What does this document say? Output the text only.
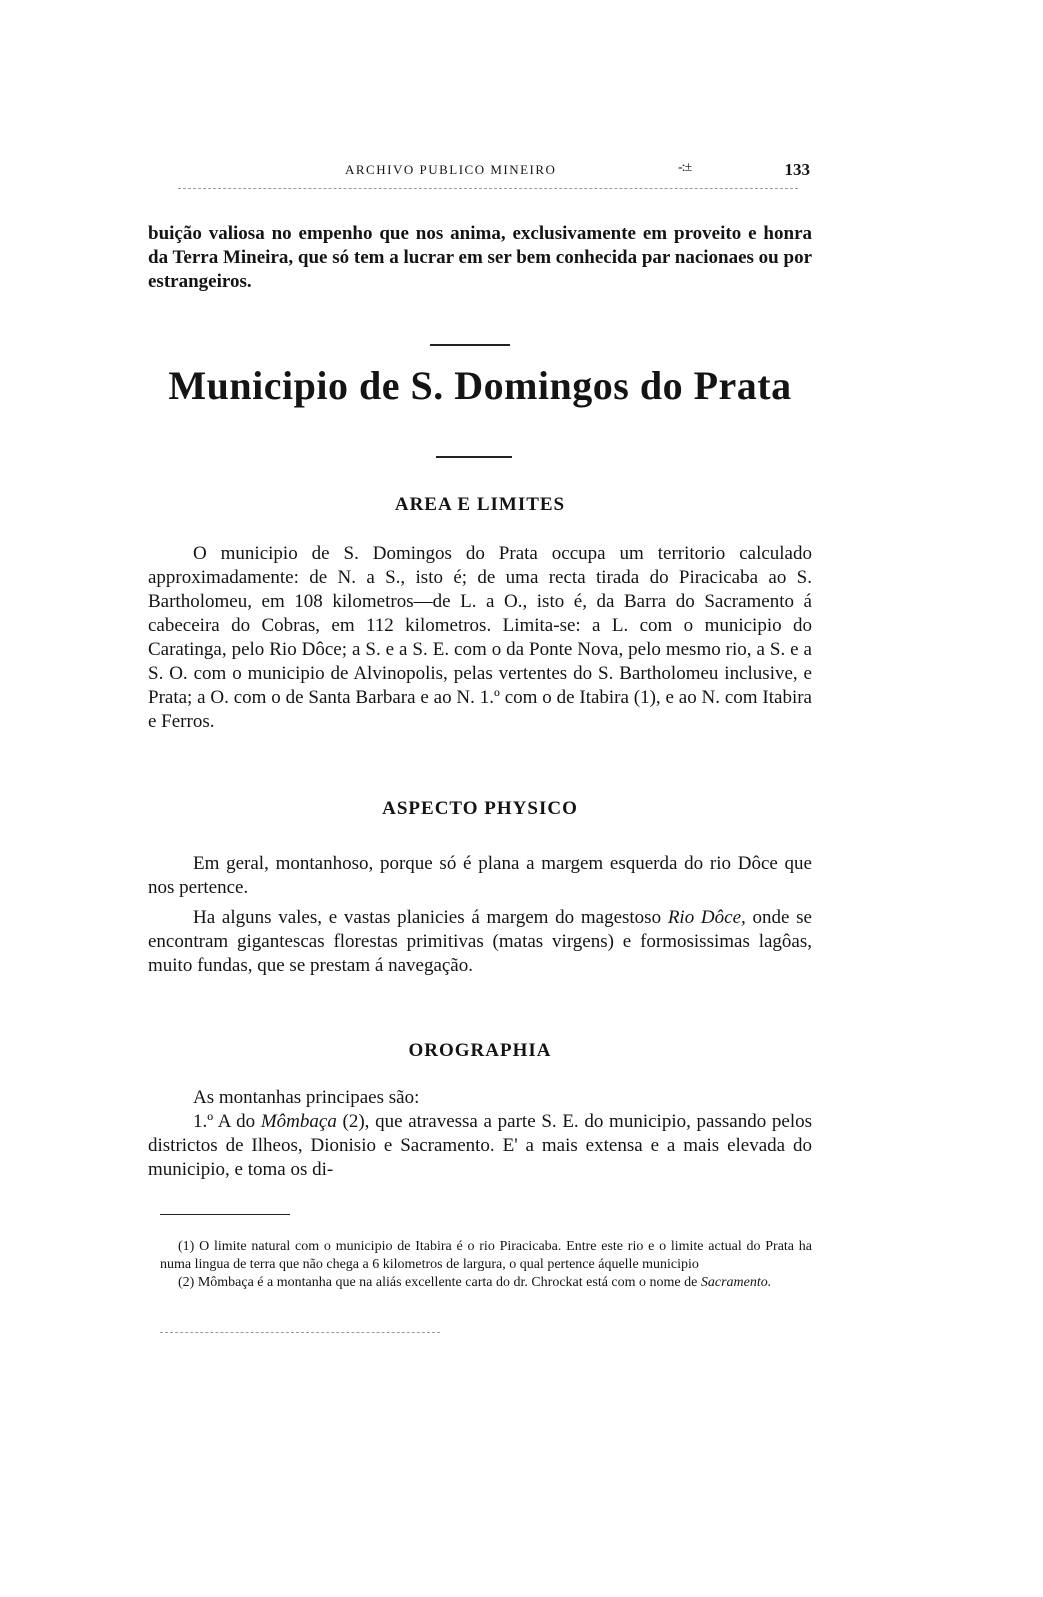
ARCHIVO PUBLICO MINEIRO	-:±	133

buição valiosa no empenho que nos anima, exclusivamente em proveito e honra da Terra Mineira, que só tem a lucrar em ser bem conhecida par nacionaes ou por estrangeiros.

Municipio de S. Domingos do Prata
AREA E LIMITES

O municipio de S. Domingos do Prata occupa um territorio calculado approximadamente: de N. a S., isto é; de uma recta tirada do Piracicaba ao S. Bartholomeu, em 108 kilometros—de L. a O., isto é, da Barra do Sacramento á cabeceira do Cobras, em 112 kilometros. Limita-se: a L. com o municipio do Caratinga, pelo Rio Dôce; a S. e a S. E. com o da Ponte Nova, pelo mesmo rio, a S. e a S. O. com o municipio de Alvinopolis, pelas vertentes do S. Bartholomeu inclusive, e Prata; a O. com o de Santa Barbara e ao N. 1.º com o de Itabira (1), e ao N. com Itabira e Ferros.

ASPECTO PHYSICO

Em geral, montanhoso, porque só é plana a margem esquerda do rio Dôce que nos pertence.

Ha alguns vales, e vastas planicies á margem do magestoso Rio Dôce, onde se encontram gigantescas florestas primitivas (matas virgens) e formosissimas lagôas, muito fundas, que se prestam á navegação.

OROGRAPHIA

As montanhas principaes são:

1.º A do Mômbaça (2), que atravessa a parte S. E. do municipio, passando pelos districtos de Ilheos, Dionisio e Sacramento. E' a mais extensa e a mais elevada do municipio, e toma os di-

(1) O limite natural com o municipio de Itabira é o rio Piracicaba. Entre este rio e o limite actual do Prata ha numa lingua de terra que não chega a 6 kilometros de largura, o qual pertence áquelle municipio

(2) Mômbaça é a montanha que na aliás excellente carta do dr. Chrockat está com o nome de Sacramento.
